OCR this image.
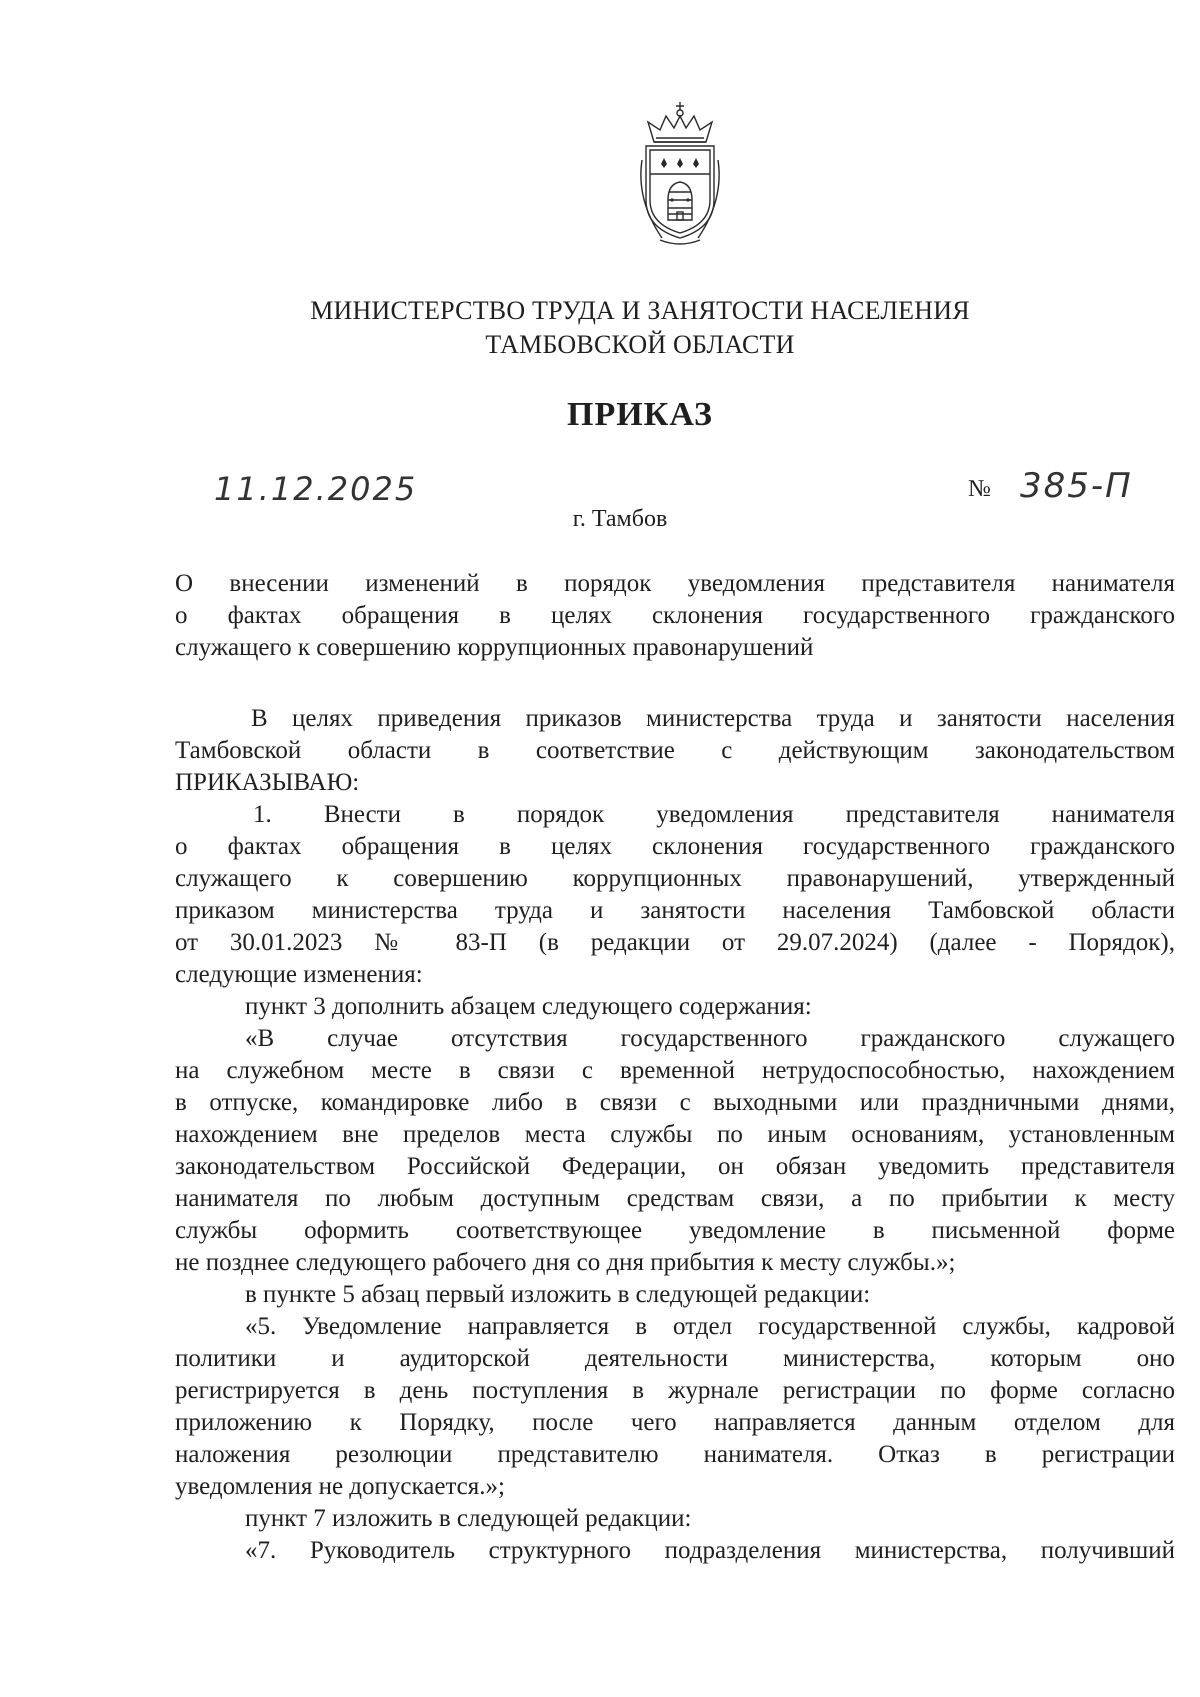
МИНИСТЕРСТВО ТРУДА И ЗАНЯТОСТИ НАСЕЛЕНИЯ
ТАМБОВСКОЙ ОБЛАСТИ
ПРИКАЗ
11.12.2025	№ 385-П
г. Тамбов
О внесении изменений в порядок уведомления представителя нанимателя
о фактах обращения в целях склонения государственного гражданского
служащего к совершению коррупционных правонарушений
В целях приведения приказов министерства труда и занятости населения
Тамбовской области в соответствие с действующим законодательством
ПРИКАЗЫВАЮ:
1. Внести в порядок уведомления представителя нанимателя
о фактах обращения в целях склонения государственного гражданского
служащего к совершению коррупционных правонарушений, утвержденный
приказом министерства труда и занятости населения Тамбовской области
от 30.01.2023 № 83-П (в редакции от 29.07.2024) (далее - Порядок),
следующие изменения:
пункт 3 дополнить абзацем следующего содержания:
«В случае отсутствия государственного гражданского служащего
на служебном месте в связи с временной нетрудоспособностью, нахождением
в отпуске, командировке либо в связи с выходными или праздничными днями,
нахождением вне пределов места службы по иным основаниям, установленным
законодательством Российской Федерации, он обязан уведомить представителя
нанимателя по любым доступным средствам связи, а по прибытии к месту
службы оформить соответствующее уведомление в письменной форме
не позднее следующего рабочего дня со дня прибытия к месту службы.»;
в пункте 5 абзац первый изложить в следующей редакции:
«5. Уведомление направляется в отдел государственной службы, кадровой
политики и аудиторской деятельности министерства, которым оно
регистрируется в день поступления в журнале регистрации по форме согласно
приложению к Порядку, после чего направляется данным отделом для
наложения резолюции представителю нанимателя. Отказ в регистрации
уведомления не допускается.»;
пункт 7 изложить в следующей редакции:
«7. Руководитель структурного подразделения министерства, получивший
